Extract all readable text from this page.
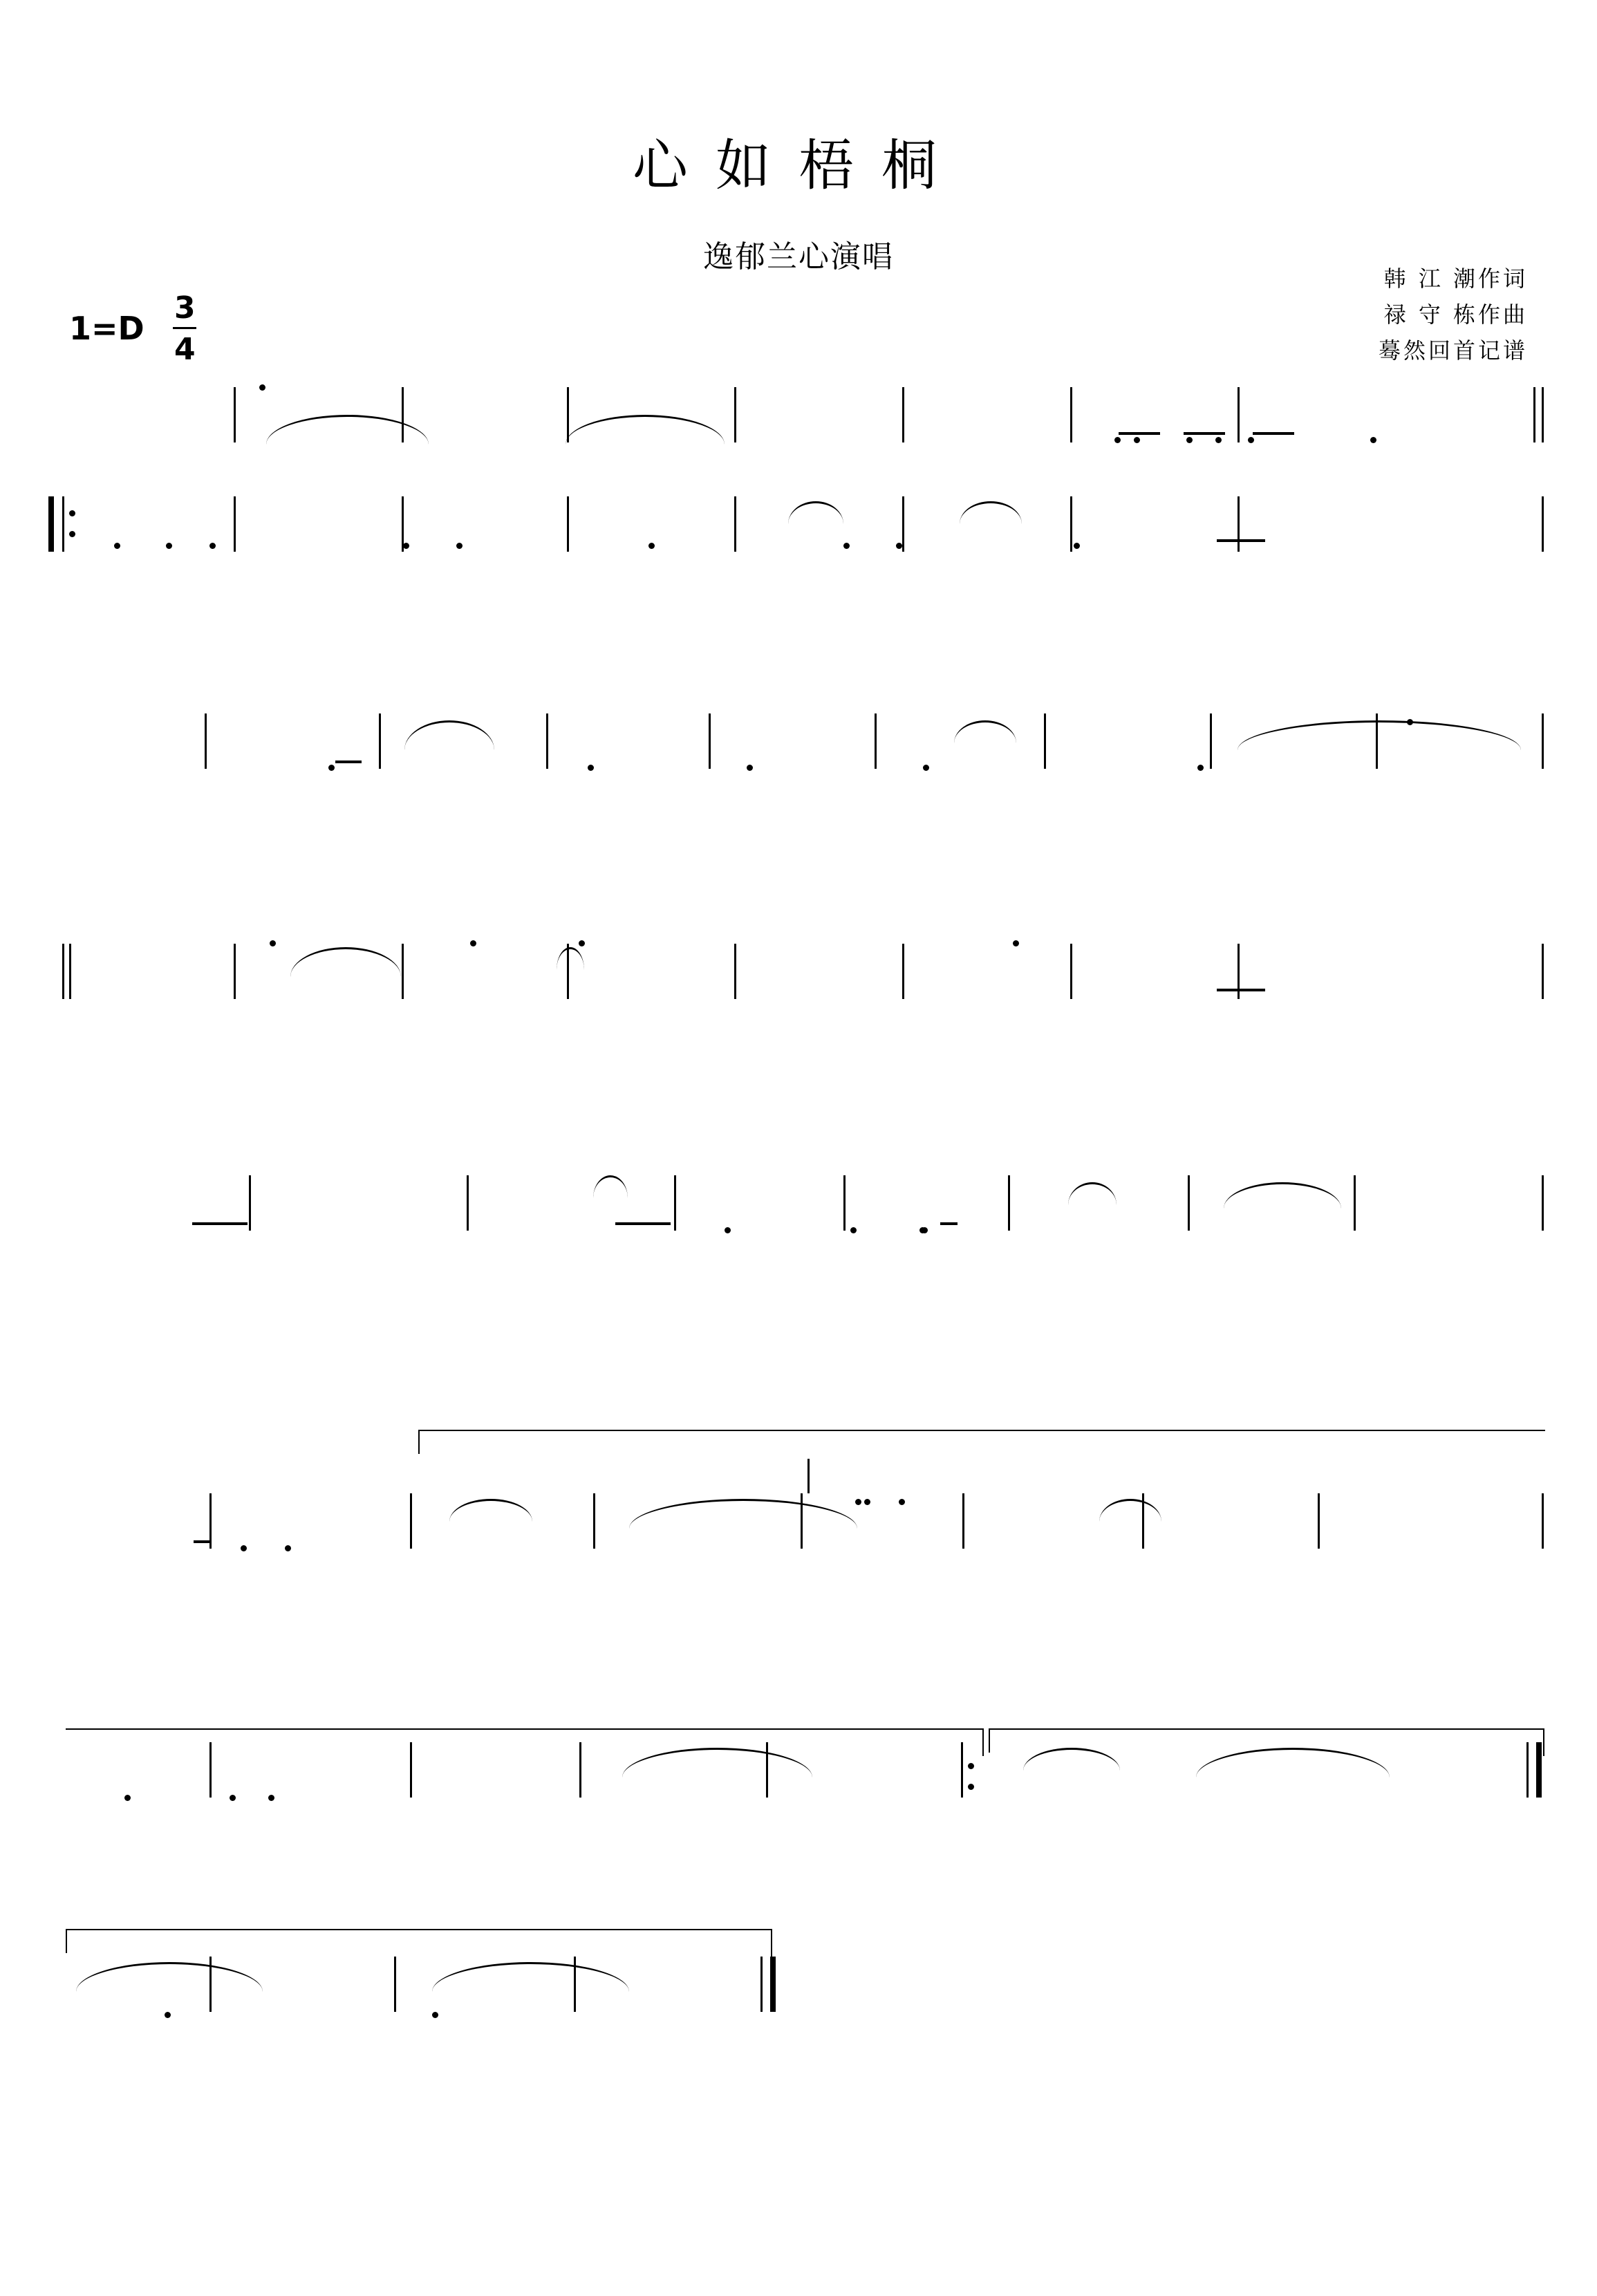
心如梧桐
逸郁兰心演唱
韩 江 潮作词
禄 守 栋作曲
蓦然回首记谱
1=D
3
4
